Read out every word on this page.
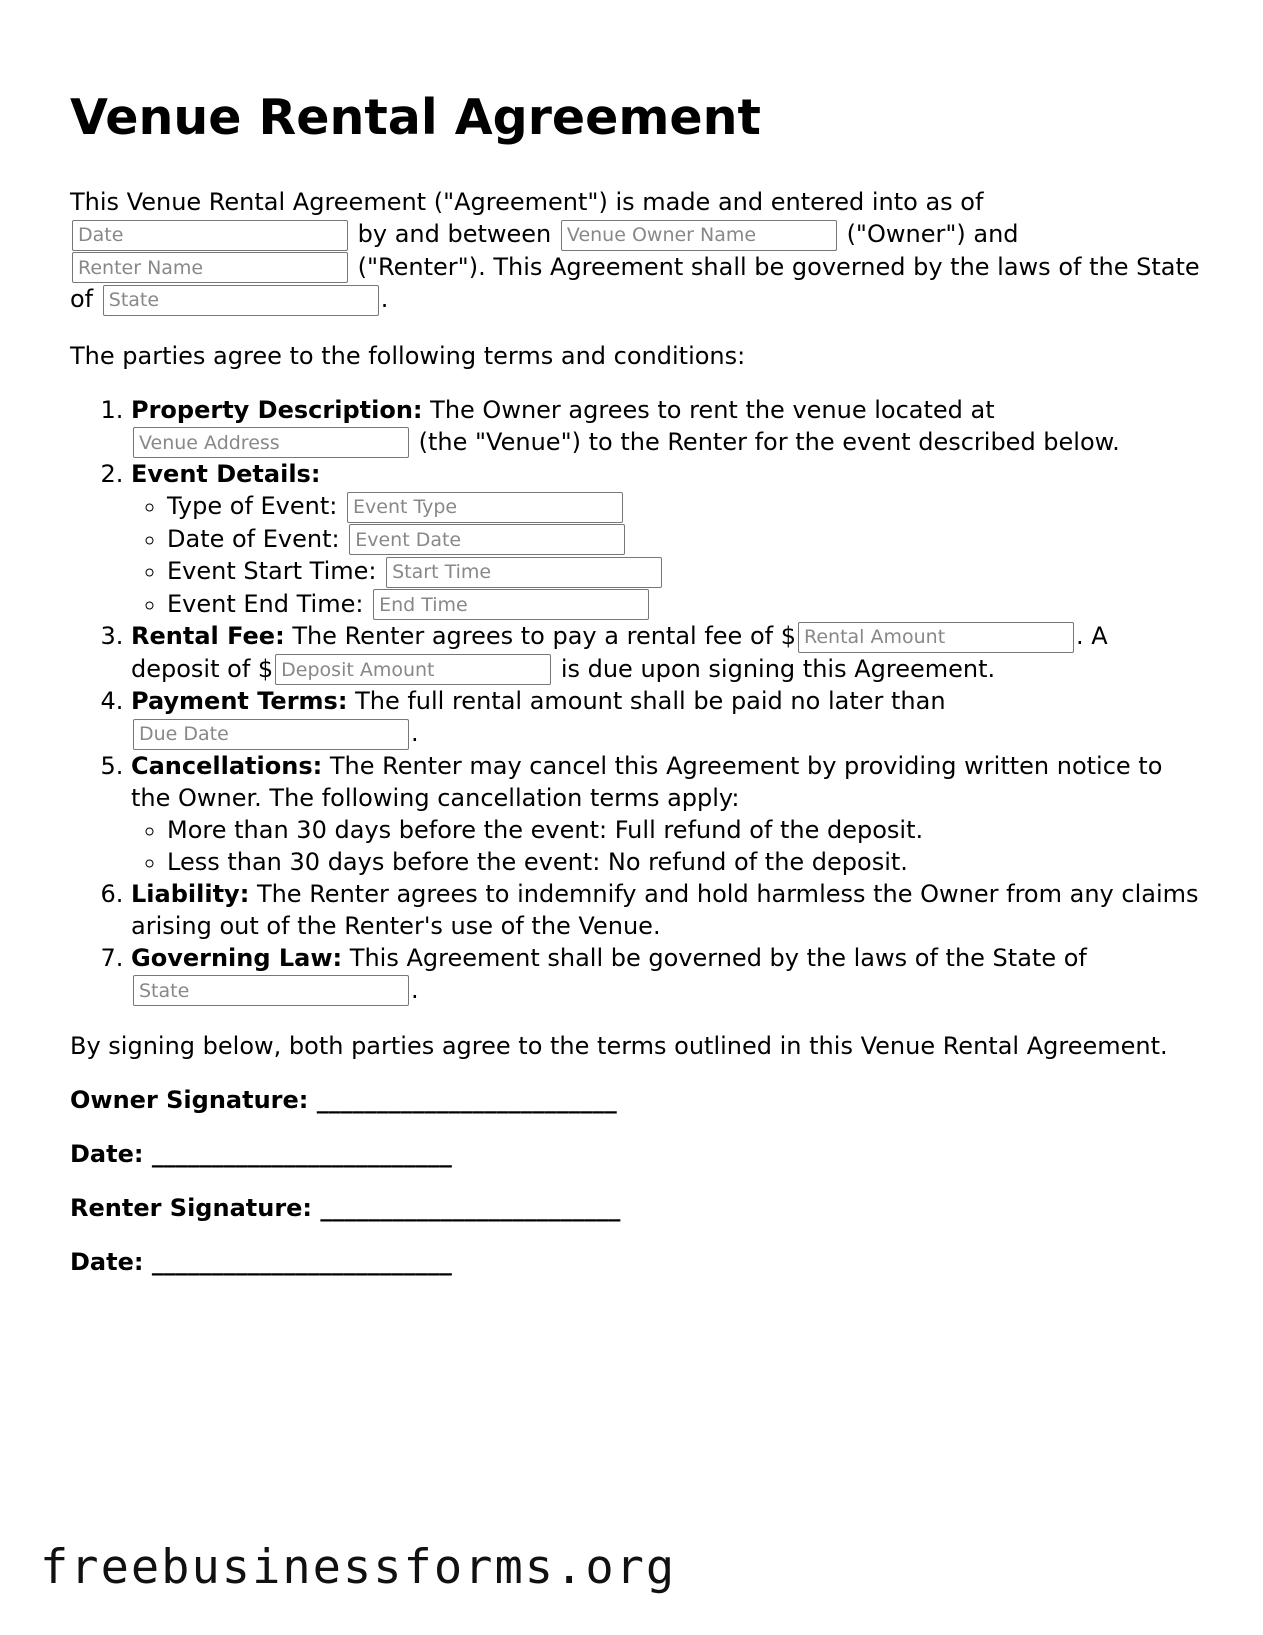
Venue Rental Agreement

This Venue Rental Agreement ("Agreement") is made and entered into as of Date by and between Venue Owner Name	("Owner") and Renter Name ("Renter"). This Agreement shall be governed by the laws of the State of State	.

The parties agree to the following terms and conditions:

1. Property Description: The Owner agrees to rent the venue located at Venue Address (the "Venue") to the Renter for the event described below.
2. Event Details:
◦ Type of Event: Event Type
◦ Date of Event: Event Date
◦ Event Start Time: Start Time
◦ Event End Time: End Time
3. Rental Fee: The Renter agrees to pay a rental fee of $Rental Amount	. A deposit of $Deposit Amount	is due upon signing this Agreement.
4. Payment Terms: The full rental amount shall be paid no later than Due Date.
5. Cancellations: The Renter may cancel this Agreement by providing written notice to the Owner. The following cancellation terms apply:
◦ More than 30 days before the event: Full refund of the deposit.
◦ Less than 30 days before the event: No refund of the deposit.
6. Liability: The Renter agrees to indemnify and hold harmless the Owner from any claims arising out of the Renter's use of the Venue.
7. Governing Law: This Agreement shall be governed by the laws of the State of State.

By signing below, both parties agree to the terms outlined in this Venue Rental Agreement.

Owner Signature: _________________________
Date: _________________________
Renter Signature: _________________________
Date: _________________________
freebusinessforms.org
